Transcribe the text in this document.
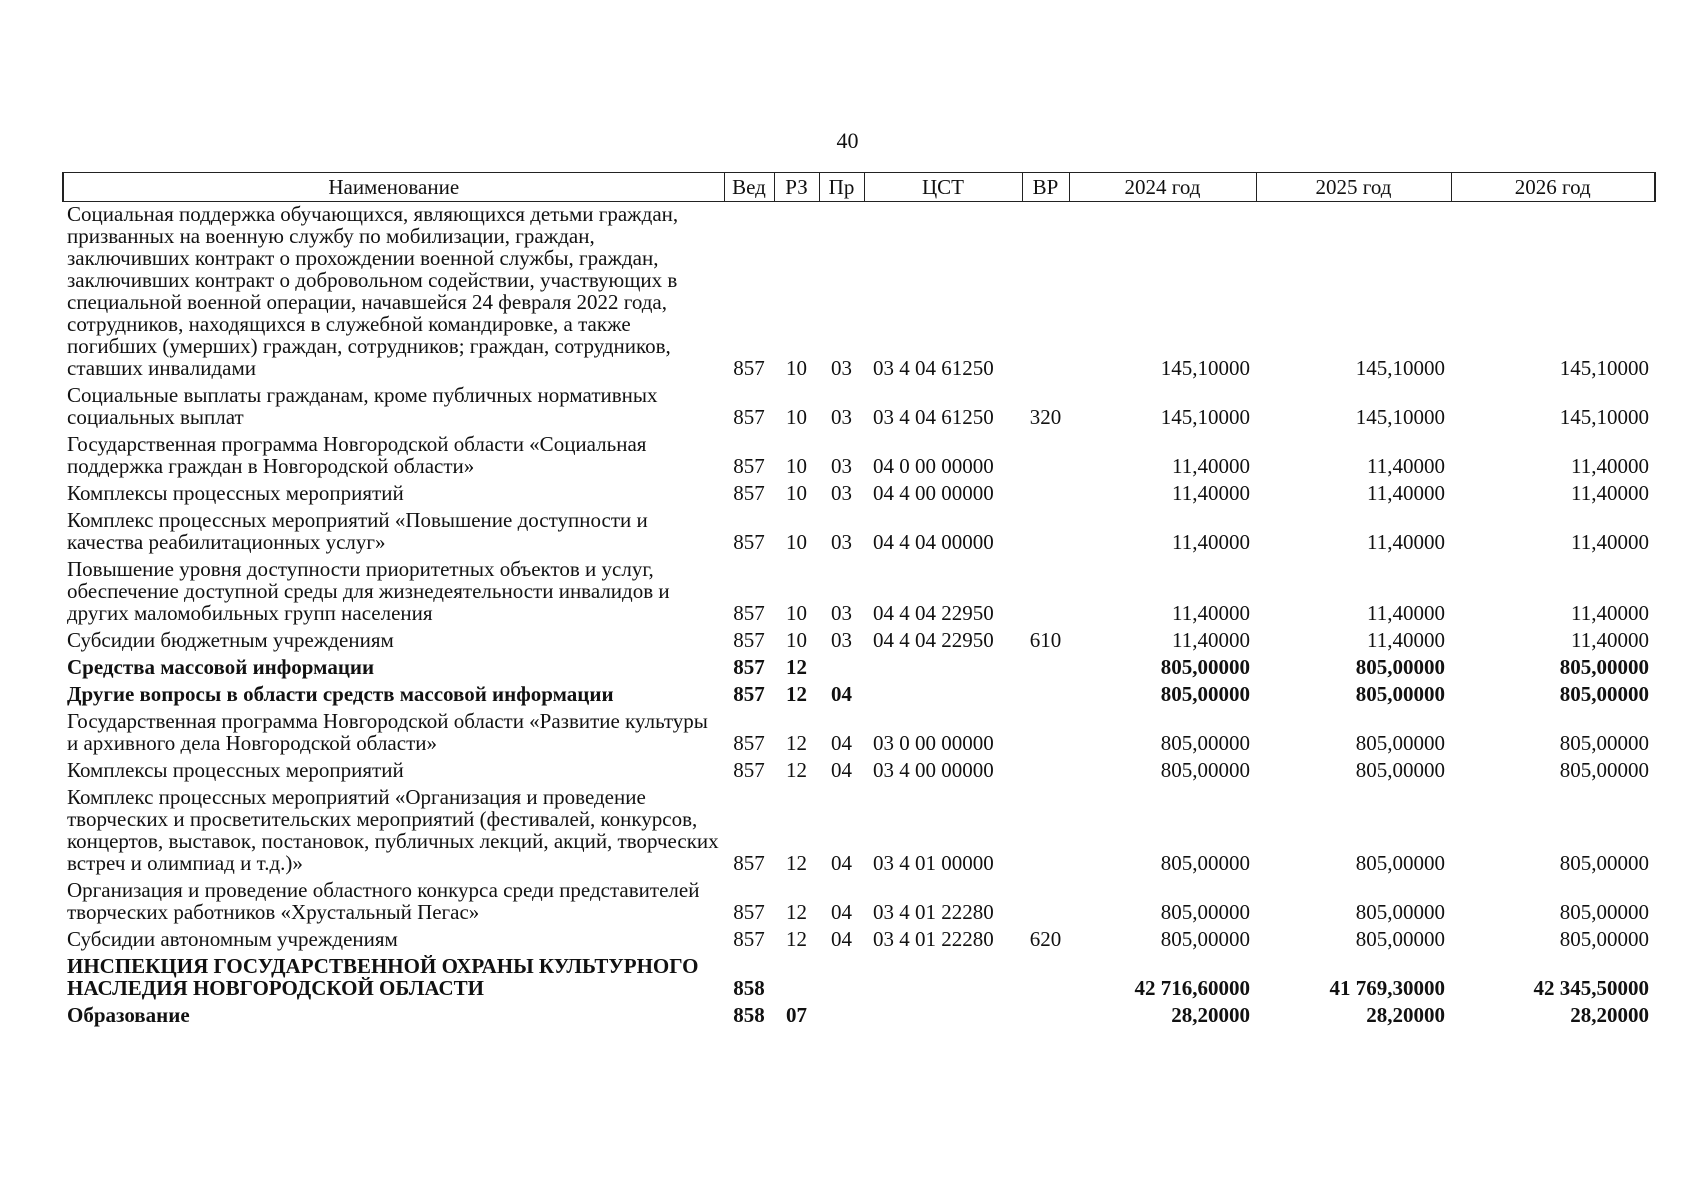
40
Наименование	Вед	РЗ	Пр	ЦСТ	ВР	2024 год	2025 год	2026 год
Социальная поддержка обучающихся, являющихся детьми граждан, призванных на военную службу по мобилизации, граждан, заключивших контракт о прохождении военной службы, граждан, заключивших контракт о добровольном содействии, участвующих в специальной военной операции, начавшейся 24 февраля 2022 года, сотрудников, находящихся в служебной командировке, а также погибших (умерших) граждан, сотрудников; граждан, сотрудников, ставших инвалидами	857	10	03	03 4 04 61250		145,10000	145,10000	145,10000
Социальные выплаты гражданам, кроме публичных нормативных социальных выплат	857	10	03	03 4 04 61250	320	145,10000	145,10000	145,10000
Государственная программа Новгородской области «Социальная поддержка граждан в Новгородской области»	857	10	03	04 0 00 00000		11,40000	11,40000	11,40000
Комплексы процессных мероприятий	857	10	03	04 4 00 00000		11,40000	11,40000	11,40000
Комплекс процессных мероприятий «Повышение доступности и качества реабилитационных услуг»	857	10	03	04 4 04 00000		11,40000	11,40000	11,40000
Повышение уровня доступности приоритетных объектов и услуг, обеспечение доступной среды для жизнедеятельности инвалидов и других маломобильных групп населения	857	10	03	04 4 04 22950		11,40000	11,40000	11,40000
Субсидии бюджетным учреждениям	857	10	03	04 4 04 22950	610	11,40000	11,40000	11,40000
Средства массовой информации	857	12				805,00000	805,00000	805,00000
Другие вопросы в области средств массовой информации	857	12	04			805,00000	805,00000	805,00000
Государственная программа Новгородской области «Развитие культуры и архивного дела Новгородской области»	857	12	04	03 0 00 00000		805,00000	805,00000	805,00000
Комплексы процессных мероприятий	857	12	04	03 4 00 00000		805,00000	805,00000	805,00000
Комплекс процессных мероприятий «Организация и проведение творческих и просветительских мероприятий (фестивалей, конкурсов, концертов, выставок, постановок, публичных лекций, акций, творческих встреч и олимпиад и т.д.)»	857	12	04	03 4 01 00000		805,00000	805,00000	805,00000
Организация и проведение областного конкурса среди представителей творческих работников «Хрустальный Пегас»	857	12	04	03 4 01 22280		805,00000	805,00000	805,00000
Субсидии автономным учреждениям	857	12	04	03 4 01 22280	620	805,00000	805,00000	805,00000
ИНСПЕКЦИЯ ГОСУДАРСТВЕННОЙ ОХРАНЫ КУЛЬТУРНОГО НАСЛЕДИЯ НОВГОРОДСКОЙ ОБЛАСТИ	858					42 716,60000	41 769,30000	42 345,50000
Образование	858	07				28,20000	28,20000	28,20000
